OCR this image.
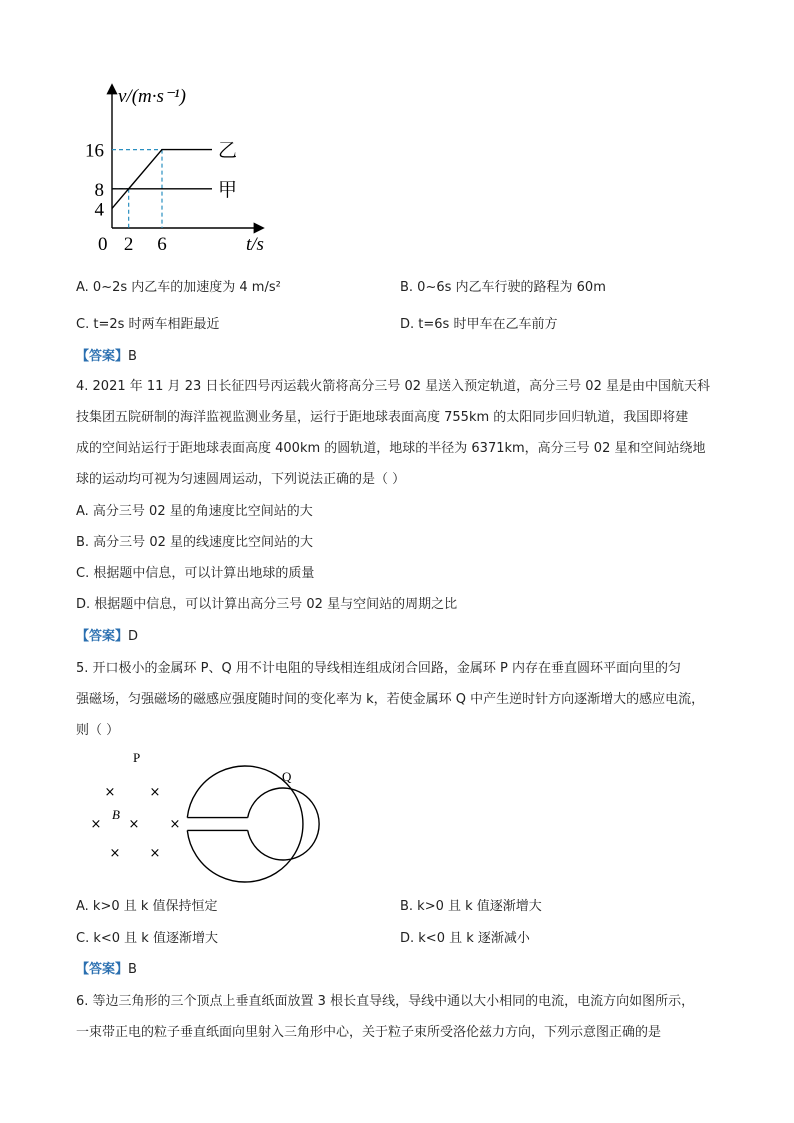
乙
甲
4
8
16
2 6
v/(m·s⁻¹)
t/s
0
A. 0~2s 内乙车的加速度为 4 m/s²	B. 0~6s 内乙车行驶的路程为 60m
C. t=2s 时两车相距最近	D. t=6s 时甲车在乙车前方
【答案】B
4. 2021 年 11 月 23 日长征四号丙运载火箭将高分三号 02 星送入预定轨道，高分三号 02 星是由中国航天科
技集团五院研制的海洋监视监测业务星，运行于距地球表面高度 755km 的太阳同步回归轨道，我国即将建
成的空间站运行于距地球表面高度 400km 的圆轨道，地球的半径为 6371km，高分三号 02 星和空间站绕地
球的运动均可视为匀速圆周运动，下列说法正确的是（ ）
A. 高分三号 02 星的角速度比空间站的大
B. 高分三号 02 星的线速度比空间站的大
C. 根据题中信息，可以计算出地球的质量
D. 根据题中信息，可以计算出高分三号 02 星与空间站的周期之比
【答案】D
5. 开口极小的金属环 P、Q 用不计电阻的导线相连组成闭合回路，金属环 P 内存在垂直圆环平面向里的匀
强磁场，匀强磁场的磁感应强度随时间的变化率为 k，若使金属环 Q 中产生逆时针方向逐渐增大的感应电流，
则（ ）
P
Q
B
×	×
× × ×
× ×
A. k>0 且 k 值保持恒定	B. k>0 且 k 值逐渐增大
C. k<0 且 k 值逐渐增大	D. k<0 且 k 逐渐减小
【答案】B
6. 等边三角形的三个顶点上垂直纸面放置 3 根长直导线，导线中通以大小相同的电流，电流方向如图所示，
一束带正电的粒子垂直纸面向里射入三角形中心，关于粒子束所受洛伦兹力方向，下列示意图正确的是
